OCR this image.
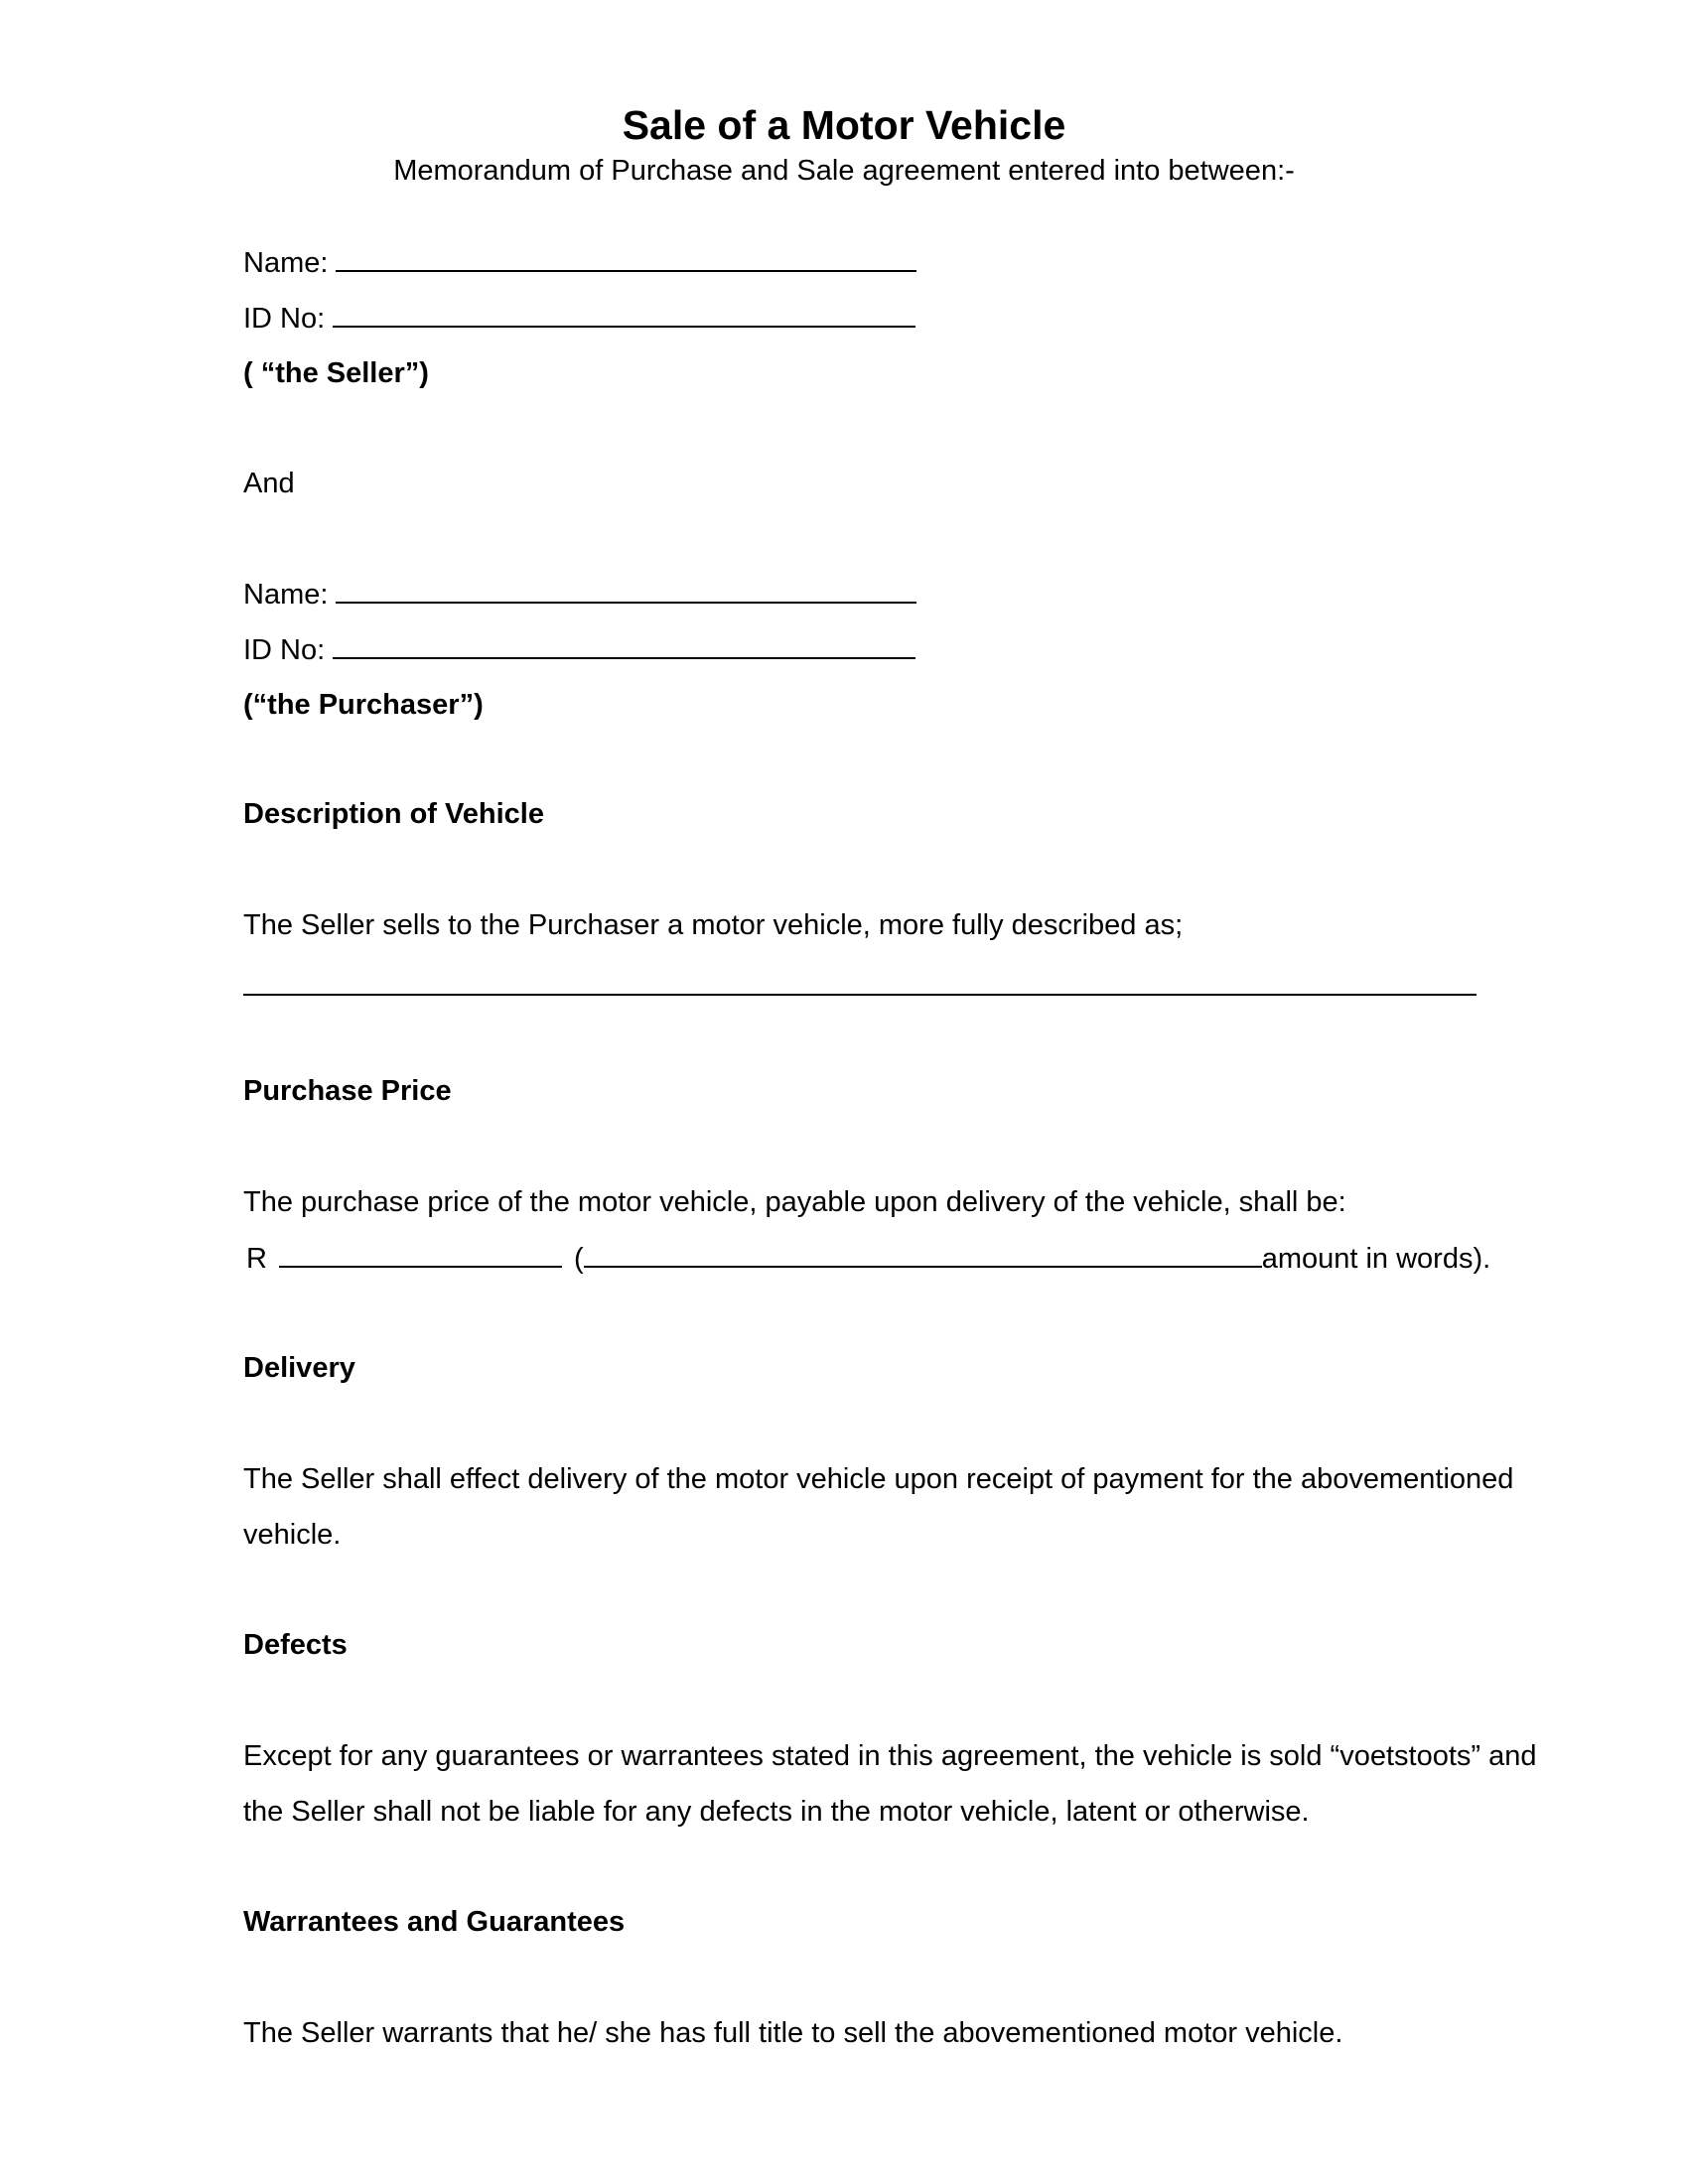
Sale of a Motor Vehicle
Memorandum of Purchase and Sale agreement entered into between:-
Name:
ID No:
( “the Seller”)
And
Name:
ID No:
(“the Purchaser”)
Description of Vehicle
The Seller sells to the Purchaser a motor vehicle, more fully described as;
Purchase Price
The purchase price of the motor vehicle, payable upon delivery of the vehicle, shall be:
R	(	amount in words).
Delivery
The Seller shall effect delivery of the motor vehicle upon receipt of payment for the abovementioned
vehicle.
Defects
Except for any guarantees or warrantees stated in this agreement, the vehicle is sold “voetstoots” and
the Seller shall not be liable for any defects in the motor vehicle, latent or otherwise.
Warrantees and Guarantees
The Seller warrants that he/ she has full title to sell the abovementioned motor vehicle.
